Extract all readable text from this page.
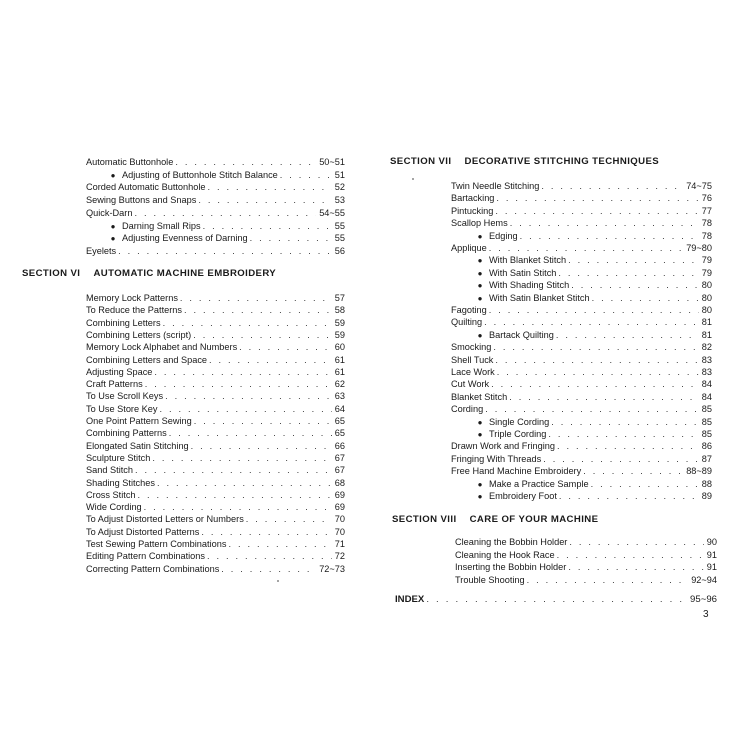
Automatic Buttonhole . . .	50~51
● Adjusting of Buttonhole Stitch Balance . . .	51
Corded Automatic Buttonhole . . .	52
Sewing Buttons and Snaps . . .	53
Quick-Darn . . .	54~55
● Darning Small Rips . . .	55
● Adjusting Evenness of Darning . . .	55
Eyelets . . .	56
Memory Lock Patterns . . .	57
To Reduce the Patterns . . .	58
Combining Letters . . .	59
Combining Letters (script) . . .	59
Memory Lock Alphabet and Numbers . . .	60
Combining Letters and Space . . .	61
Adjusting Space . . .	61
Craft Patterns . . .	62
To Use Scroll Keys . . .	63
To Use Store Key . . .	64
One Point Pattern Sewing . . .	65
Combining Patterns . . .	65
Elongated Satin Stitching . . .	66
Sculpture Stitch . . .	67
Sand Stitch . . .	67
Shading Stitches . . .	68
Cross Stitch . . .	69
Wide Cording . . .	69
To Adjust Distorted Letters or Numbers . . .	70
To Adjust Distorted Patterns . . .	70
Test Sewing Pattern Combinations . . .	71
Editing Pattern Combinations . . .	72
Correcting Pattern Combinations . . .	72~73
Twin Needle Stitching . . .	74~75
Bartacking . . .	76
Pintucking . . .	77
Scallop Hems . . .	78
● Edging . . .	78
Applique . . .	79~80
● With Blanket Stitch . . .	79
● With Satin Stitch . . .	79
● With Shading Stitch . . .	80
● With Satin Blanket Stitch . . .	80
Fagoting . . .	80
Quilting . . .	81
● Bartack Quilting . . .	81
Smocking . . .	82
Shell Tuck . . .	83
Lace Work . . .	83
Cut Work . . .	84
Blanket Stitch . . .	84
Cording . . .	85
● Single Cording . . .	85
● Triple Cording . . .	85
Drawn Work and Fringing . . .	86
Fringing With Threads . . .	87
Free Hand Machine Embroidery . . .	88~89
● Make a Practice Sample . . .	88
● Embroidery Foot . . .	89
Cleaning the Bobbin Holder . . .	90
Cleaning the Hook Race . . .	91
Inserting the Bobbin Holder . . .	91
Trouble Shooting . . .	92~94
SECTION VI AUTOMATIC MACHINE EMBROIDERY
SECTION VII DECORATIVE STITCHING TECHNIQUES
SECTION VIII CARE OF YOUR MACHINE
INDEX . . .	95~96
3
